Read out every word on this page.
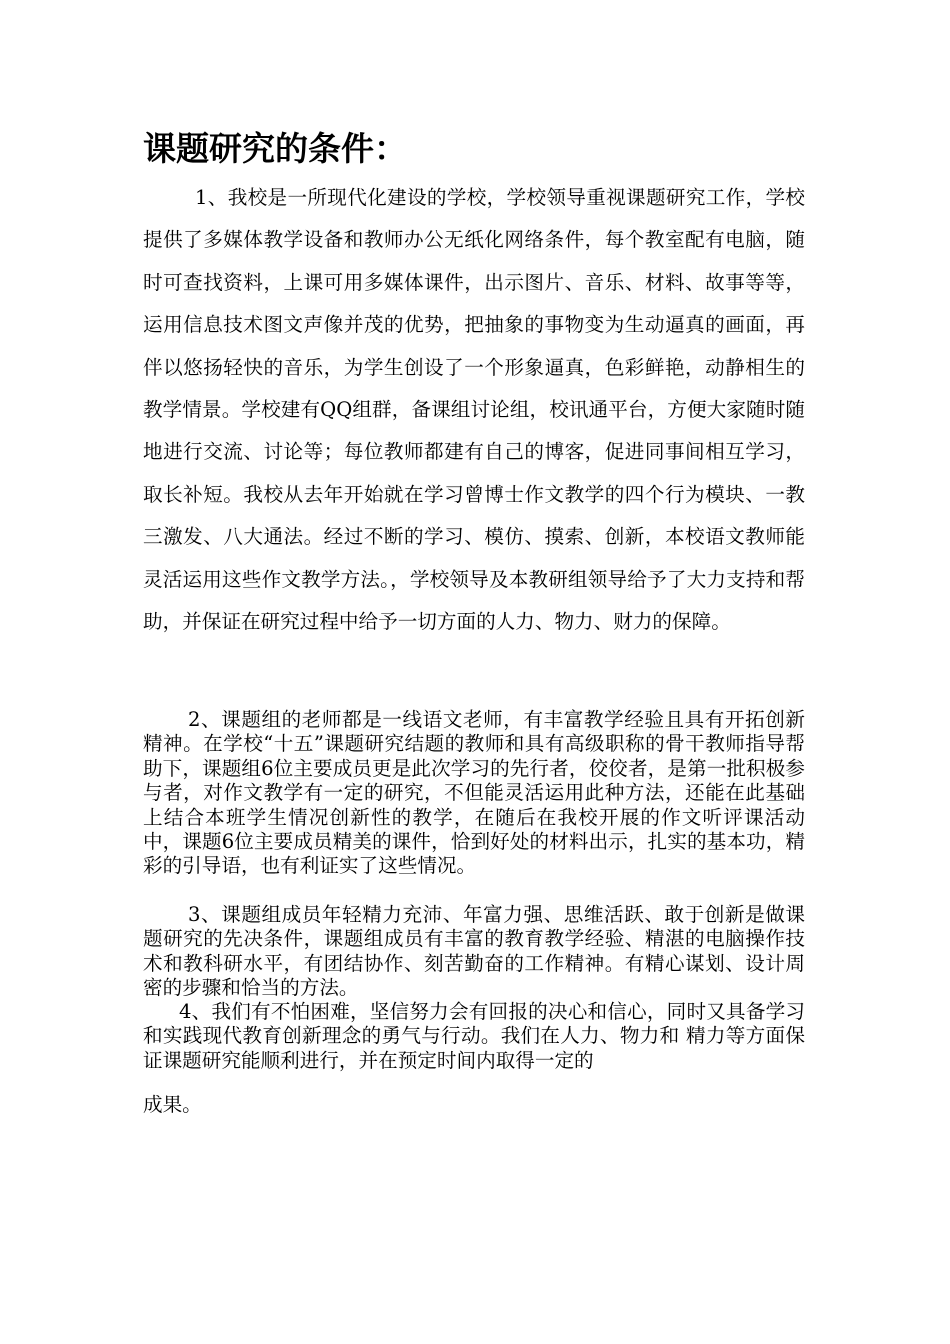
课题研究的条件：

1、我校是一所现代化建设的学校，学校领导重视课题研究工作，学校提供了多媒体教学设备和教师办公无纸化网络条件，每个教室配有电脑，随时可查找资料，上课可用多媒体课件，出示图片、音乐、材料、故事等等，运用信息技术图文声像并茂的优势，把抽象的事物变为生动逼真的画面，再伴以悠扬轻快的音乐，为学生创设了一个形象逼真，色彩鲜艳，动静相生的教学情景。学校建有QQ组群，备课组讨论组，校讯通平台，方便大家随时随地进行交流、讨论等；每位教师都建有自己的博客，促进同事间相互学习，取长补短。我校从去年开始就在学习曾博士作文教学的四个行为模块、一教三激发、八大通法。经过不断的学习、模仿、摸索、创新，本校语文教师能灵活运用这些作文教学方法。，学校领导及本教研组领导给予了大力支持和帮助，并保证在研究过程中给予一切方面的人力、物力、财力的保障。

2、课题组的老师都是一线语文老师，有丰富教学经验且具有开拓创新精神。在学校“十五”课题研究结题的教师和具有高级职称的骨干教师指导帮助下，课题组6位主要成员更是此次学习的先行者，佼佼者，是第一批积极参与者，对作文教学有一定的研究，不但能灵活运用此种方法，还能在此基础上结合本班学生情况创新性的教学，在随后在我校开展的作文听评课活动中，课题6位主要成员精美的课件，恰到好处的材料出示，扎实的基本功，精彩的引导语，也有利证实了这些情况。

3、课题组成员年轻精力充沛、年富力强、思维活跃、敢于创新是做课题研究的先决条件，课题组成员有丰富的教育教学经验、精湛的电脑操作技术和教科研水平，有团结协作、刻苦勤奋的工作精神。有精心谋划、设计周密的步骤和恰当的方法。

4、我们有不怕困难，坚信努力会有回报的决心和信心，同时又具备学习和实践现代教育创新理念的勇气与行动。我们在人力、物力和 精力等方面保证课题研究能顺利进行，并在预定时间内取得一定的

成果。
